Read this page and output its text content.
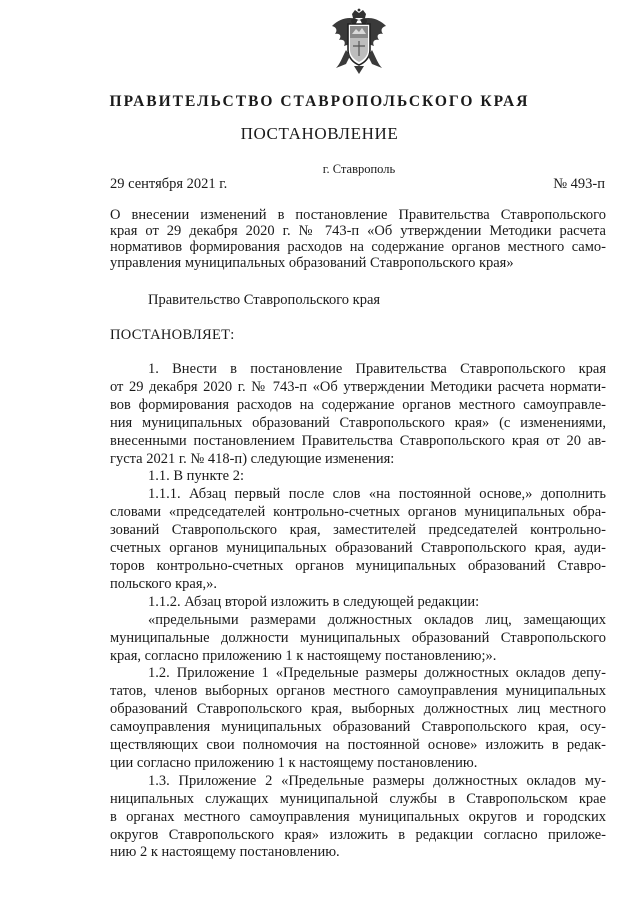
ПРАВИТЕЛЬСТВО СТАВРОПОЛЬСКОГО КРАЯ
ПОСТАНОВЛЕНИЕ
г. Ставрополь
29 сентября 2021 г.	№ 493-п
О внесении изменений в постановление Правительства Ставропольского
края от 29 декабря 2020 г. № 743-п «Об утверждении Методики расчета
нормативов формирования расходов на содержание органов местного само-
управления муниципальных образований Ставропольского края»
Правительство Ставропольского края
ПОСТАНОВЛЯЕТ:
1. Внести в постановление Правительства Ставропольского края
от 29 декабря 2020 г. № 743-п «Об утверждении Методики расчета нормати-
вов формирования расходов на содержание органов местного самоуправле-
ния муниципальных образований Ставропольского края» (с изменениями,
внесенными постановлением Правительства Ставропольского края от 20 ав-
густа 2021 г. № 418-п) следующие изменения:
1.1. В пункте 2:
1.1.1. Абзац первый после слов «на постоянной основе,» дополнить
словами «председателей контрольно-счетных органов муниципальных обра-
зований Ставропольского края, заместителей председателей контрольно-
счетных органов муниципальных образований Ставропольского края, ауди-
торов контрольно-счетных органов муниципальных образований Ставро-
польского края,».
1.1.2. Абзац второй изложить в следующей редакции:
«предельными размерами должностных окладов лиц, замещающих
муниципальные должности муниципальных образований Ставропольского
края, согласно приложению 1 к настоящему постановлению;».
1.2. Приложение 1 «Предельные размеры должностных окладов депу-
татов, членов выборных органов местного самоуправления муниципальных
образований Ставропольского края, выборных должностных лиц местного
самоуправления муниципальных образований Ставропольского края, осу-
ществляющих свои полномочия на постоянной основе» изложить в редак-
ции согласно приложению 1 к настоящему постановлению.
1.3. Приложение 2 «Предельные размеры должностных окладов му-
ниципальных служащих муниципальной службы в Ставропольском крае
в органах местного самоуправления муниципальных округов и городских
округов Ставропольского края» изложить в редакции согласно приложе-
нию 2 к настоящему постановлению.
